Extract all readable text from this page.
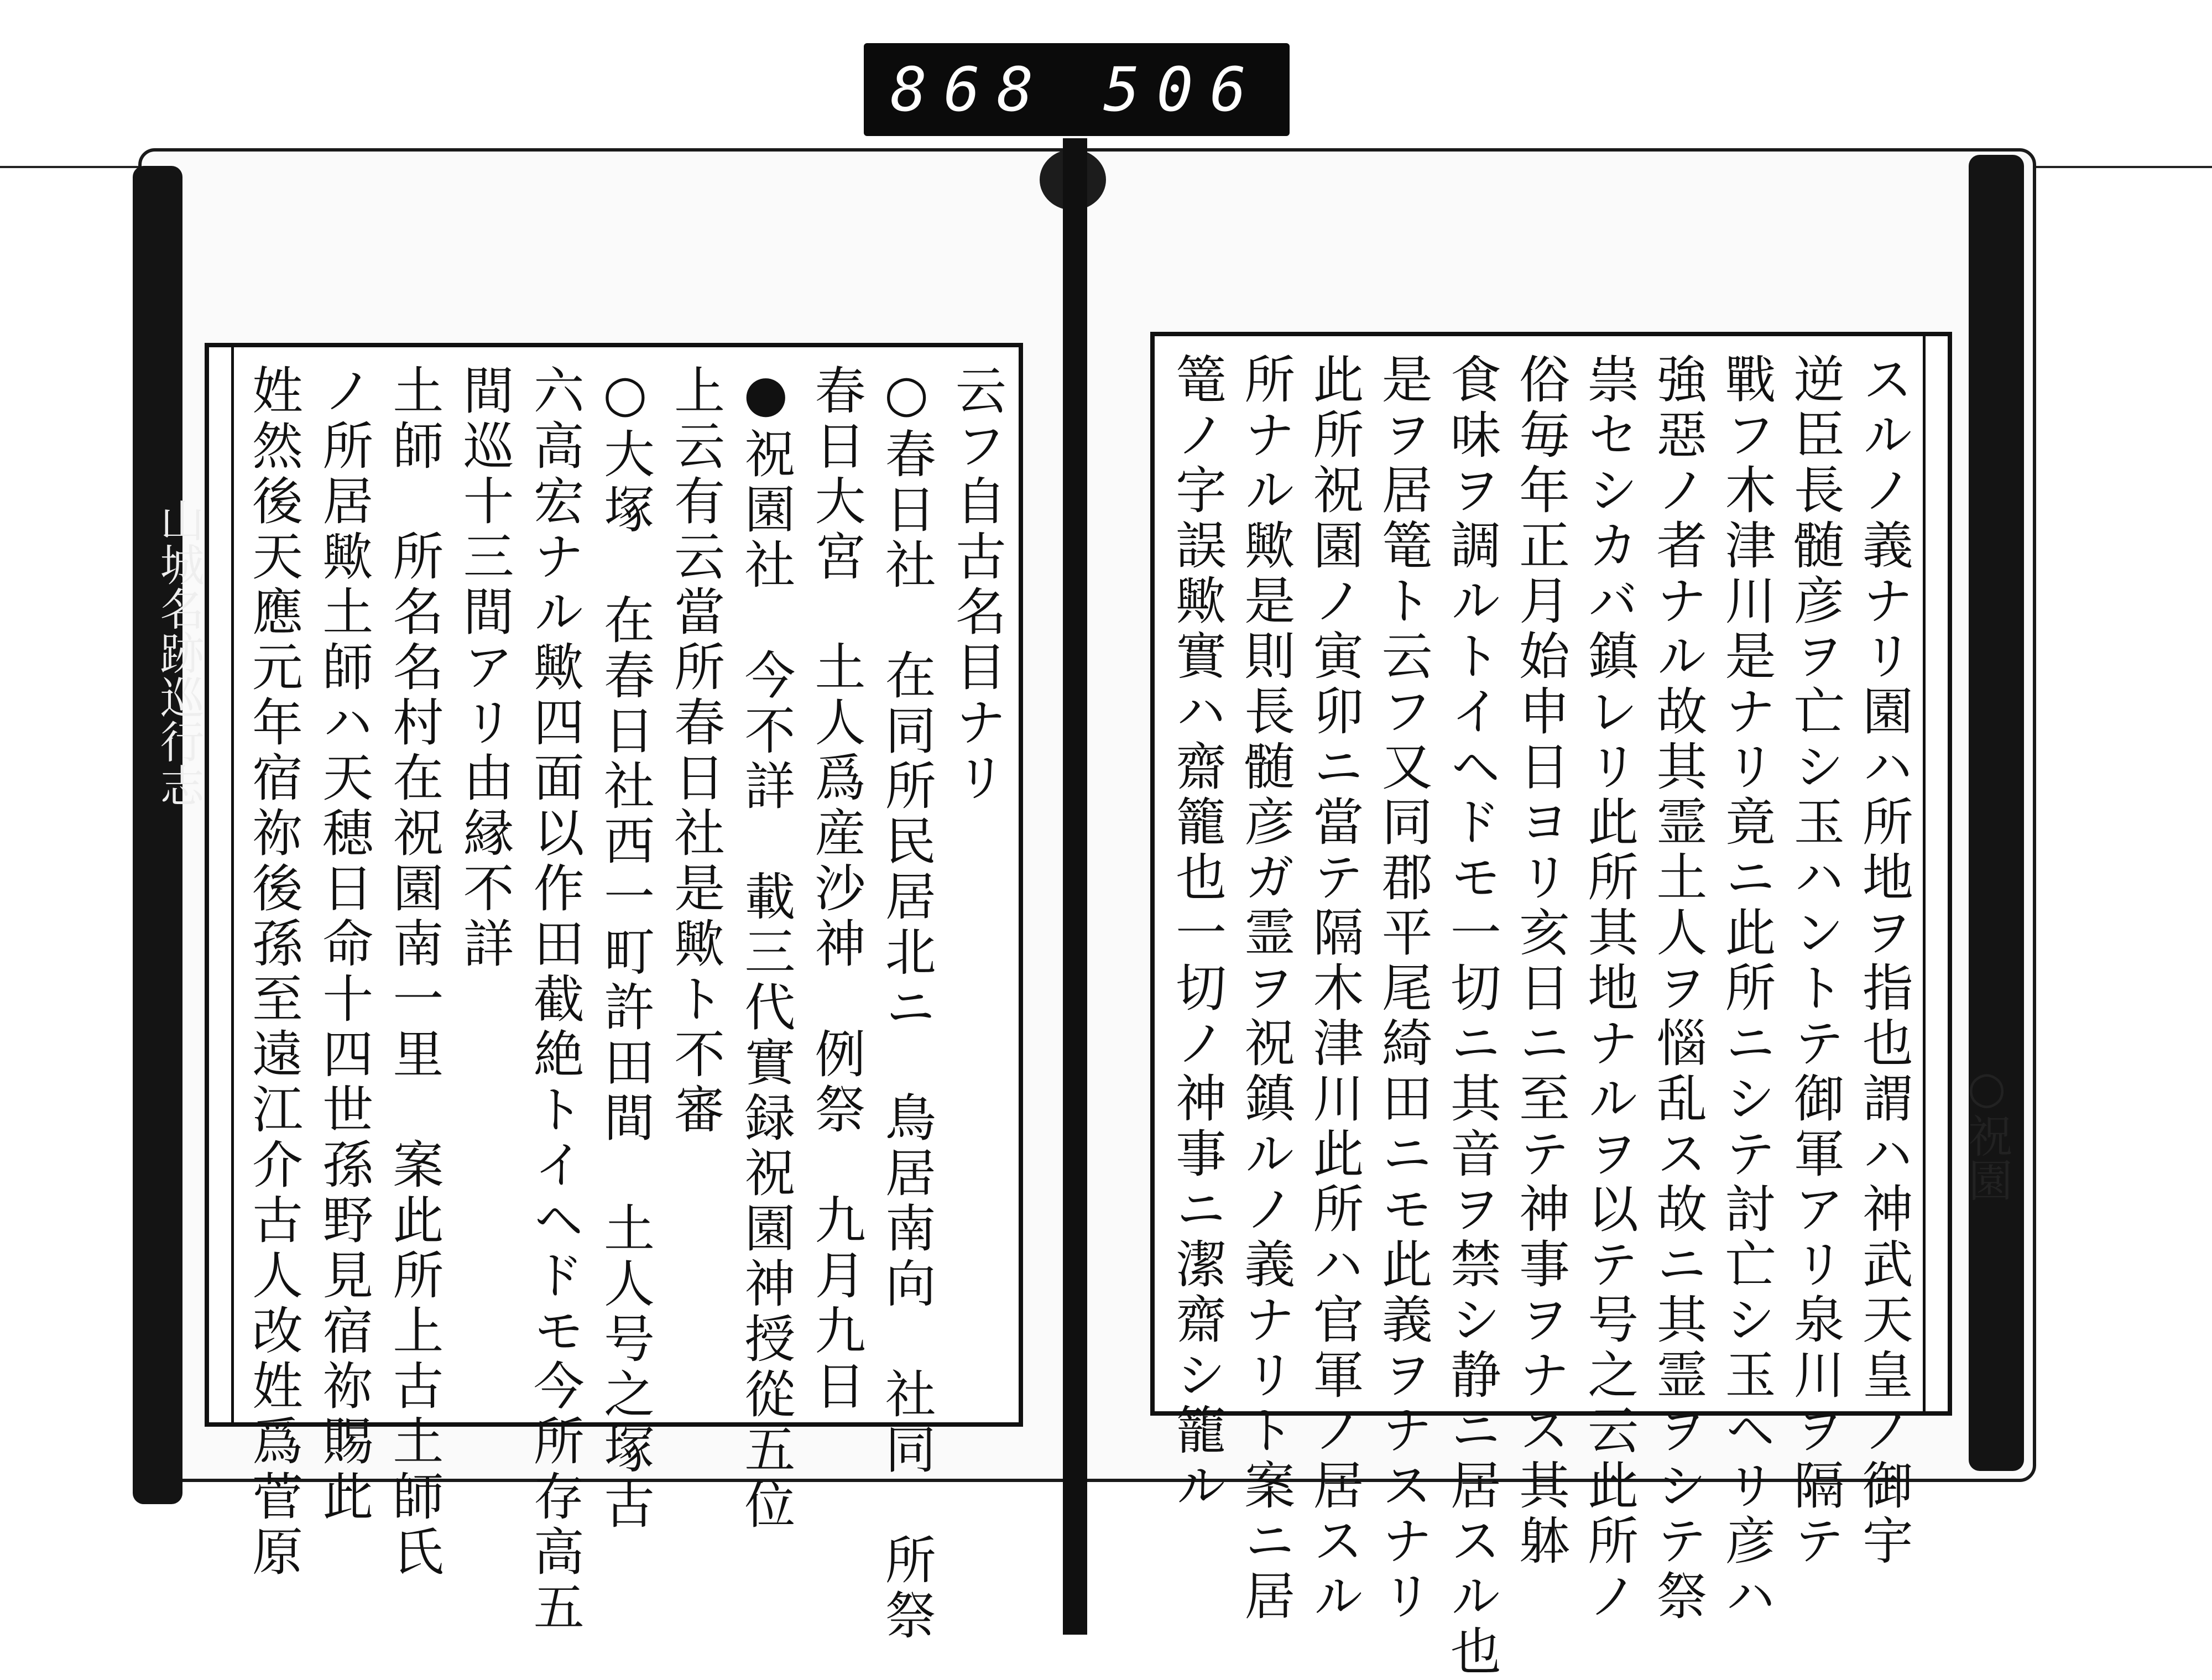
868 506
山城名跡巡行志
○祝園
云フ自古名目ナリ
○春日社　在同所民居北ニ　鳥居南向　社同　所祭
春日大宮　土人爲産沙神　例祭　九月九日
●祝園社　今不詳　載三代實録祝園神授從五位
上云有云當所春日社是歟ト不審
○大塚　在春日社西一町許田間　土人号之塚古
六高宏ナル歟四面以作田截絶トイヘドモ今所存高五
間巡十三間アリ由縁不詳
土師　所名名村在祝園南一里　案此所上古土師氏
ノ所居歟土師ハ天穂日命十四世孫野見宿祢賜此
姓然後天應元年宿祢後孫至遠江介古人改姓爲菅原	スルノ義ナリ園ハ所地ヲ指也謂ハ神武天皇ノ御宇
逆臣長髄彦ヲ亡シ玉ハントテ御軍アリ泉川ヲ隔テ
戰フ木津川是ナリ竟ニ此所ニシテ討亡シ玉ヘリ彦ハ
強惡ノ者ナル故其霊土人ヲ惱乱ス故ニ其霊ヲシテ祭
祟セシカバ鎮レリ此所其地ナルヲ以テ号之云此所ノ
俗毎年正月始申日ヨリ亥日ニ至テ神事ヲナス其躰
食味ヲ調ルトイヘドモ一切ニ其音ヲ禁シ静ニ居スル也
是ヲ居篭ト云フ又同郡平尾綺田ニモ此義ヲナスナリ
此所祝園ノ寅卯ニ當テ隔木津川此所ハ官軍ノ居スル
所ナル歟是則長髄彦ガ霊ヲ祝鎮ルノ義ナリト案ニ居
篭ノ字誤歟實ハ齋籠也一切ノ神事ニ潔齋シ籠ル
